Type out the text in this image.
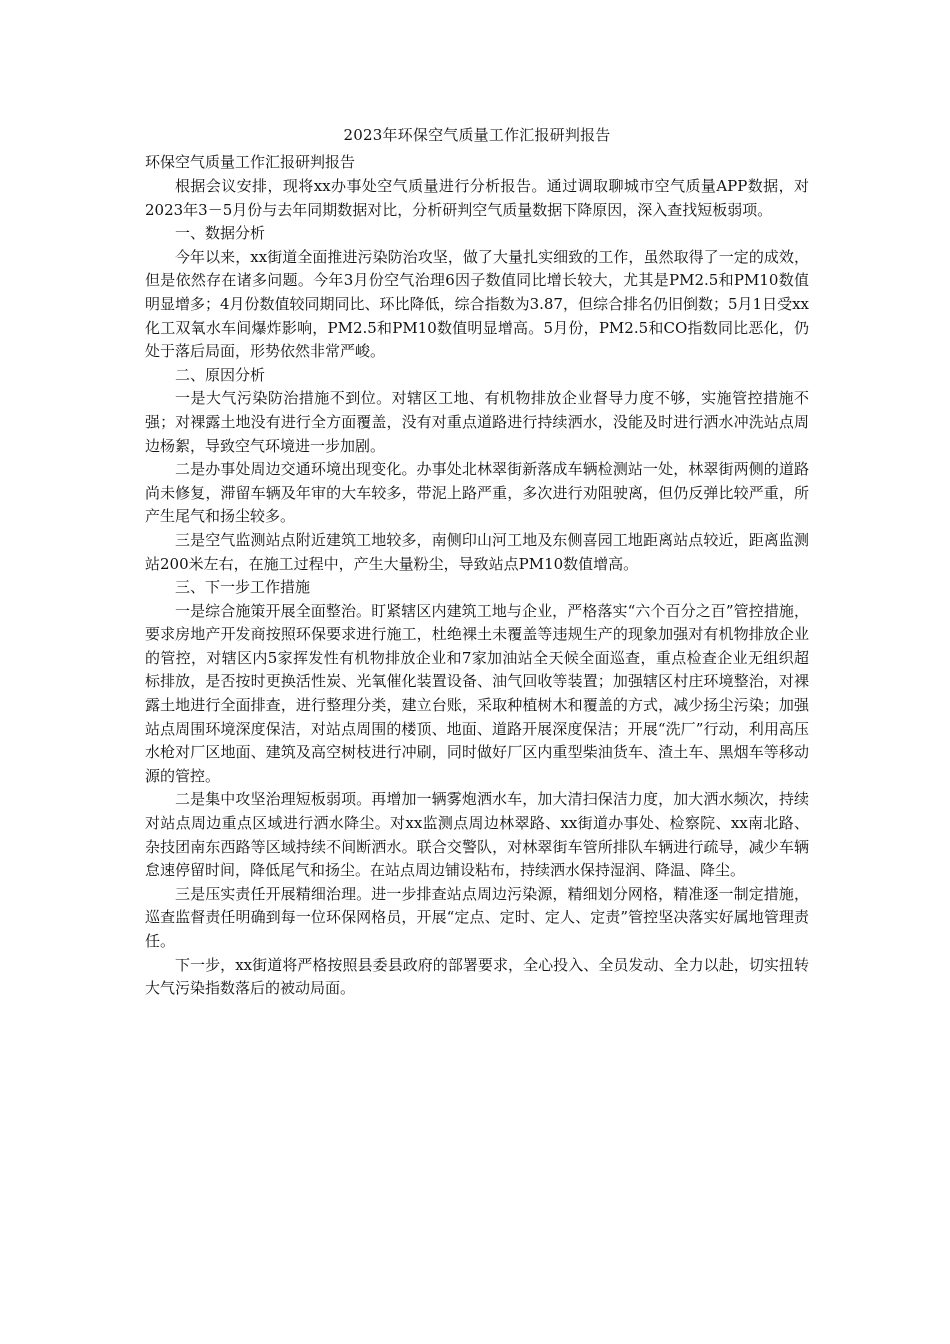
2023年环保空气质量工作汇报研判报告

环保空气质量工作汇报研判报告

根据会议安排，现将xx办事处空气质量进行分析报告。通过调取聊城市空气质量APP数据，对2023年3－5月份与去年同期数据对比，分析研判空气质量数据下降原因，深入查找短板弱项。

一、数据分析

今年以来，xx街道全面推进污染防治攻坚，做了大量扎实细致的工作，虽然取得了一定的成效，但是依然存在诸多问题。今年3月份空气治理6因子数值同比增长较大，尤其是PM2.5和PM10数值明显增多；4月份数值较同期同比、环比降低，综合指数为3.87，但综合排名仍旧倒数；5月1日受xx化工双氧水车间爆炸影响，PM2.5和PM10数值明显增高。5月份，PM2.5和CO指数同比恶化，仍处于落后局面，形势依然非常严峻。

二、原因分析

一是大气污染防治措施不到位。对辖区工地、有机物排放企业督导力度不够，实施管控措施不强；对裸露土地没有进行全方面覆盖，没有对重点道路进行持续洒水，没能及时进行洒水冲洗站点周边杨絮，导致空气环境进一步加剧。

二是办事处周边交通环境出现变化。办事处北林翠街新落成车辆检测站一处，林翠街两侧的道路尚未修复，滞留车辆及年审的大车较多，带泥上路严重，多次进行劝阻驶离，但仍反弹比较严重，所产生尾气和扬尘较多。

三是空气监测站点附近建筑工地较多，南侧印山河工地及东侧喜园工地距离站点较近，距离监测站200米左右，在施工过程中，产生大量粉尘，导致站点PM10数值增高。

三、下一步工作措施

一是综合施策开展全面整治。盯紧辖区内建筑工地与企业，严格落实“六个百分之百”管控措施，要求房地产开发商按照环保要求进行施工，杜绝裸土未覆盖等违规生产的现象加强对有机物排放企业的管控，对辖区内5家挥发性有机物排放企业和7家加油站全天候全面巡查，重点检查企业无组织超标排放，是否按时更换活性炭、光氧催化装置设备、油气回收等装置；加强辖区村庄环境整治，对裸露土地进行全面排查，进行整理分类，建立台账，采取种植树木和覆盖的方式，减少扬尘污染；加强站点周围环境深度保洁，对站点周围的楼顶、地面、道路开展深度保洁；开展“洗厂”行动，利用高压水枪对厂区地面、建筑及高空树枝进行冲刷，同时做好厂区内重型柴油货车、渣土车、黑烟车等移动源的管控。

二是集中攻坚治理短板弱项。再增加一辆雾炮洒水车，加大清扫保洁力度，加大洒水频次，持续对站点周边重点区域进行洒水降尘。对xx监测点周边林翠路、xx街道办事处、检察院、xx南北路、杂技团南东西路等区域持续不间断洒水。联合交警队，对林翠街车管所排队车辆进行疏导，减少车辆怠速停留时间，降低尾气和扬尘。在站点周边铺设粘布，持续洒水保持湿润、降温、降尘。

三是压实责任开展精细治理。进一步排查站点周边污染源，精细划分网格，精准逐一制定措施，巡查监督责任明确到每一位环保网格员，开展“定点、定时、定人、定责”管控坚决落实好属地管理责任。

下一步，xx街道将严格按照县委县政府的部署要求，全心投入、全员发动、全力以赴，切实扭转大气污染指数落后的被动局面。
